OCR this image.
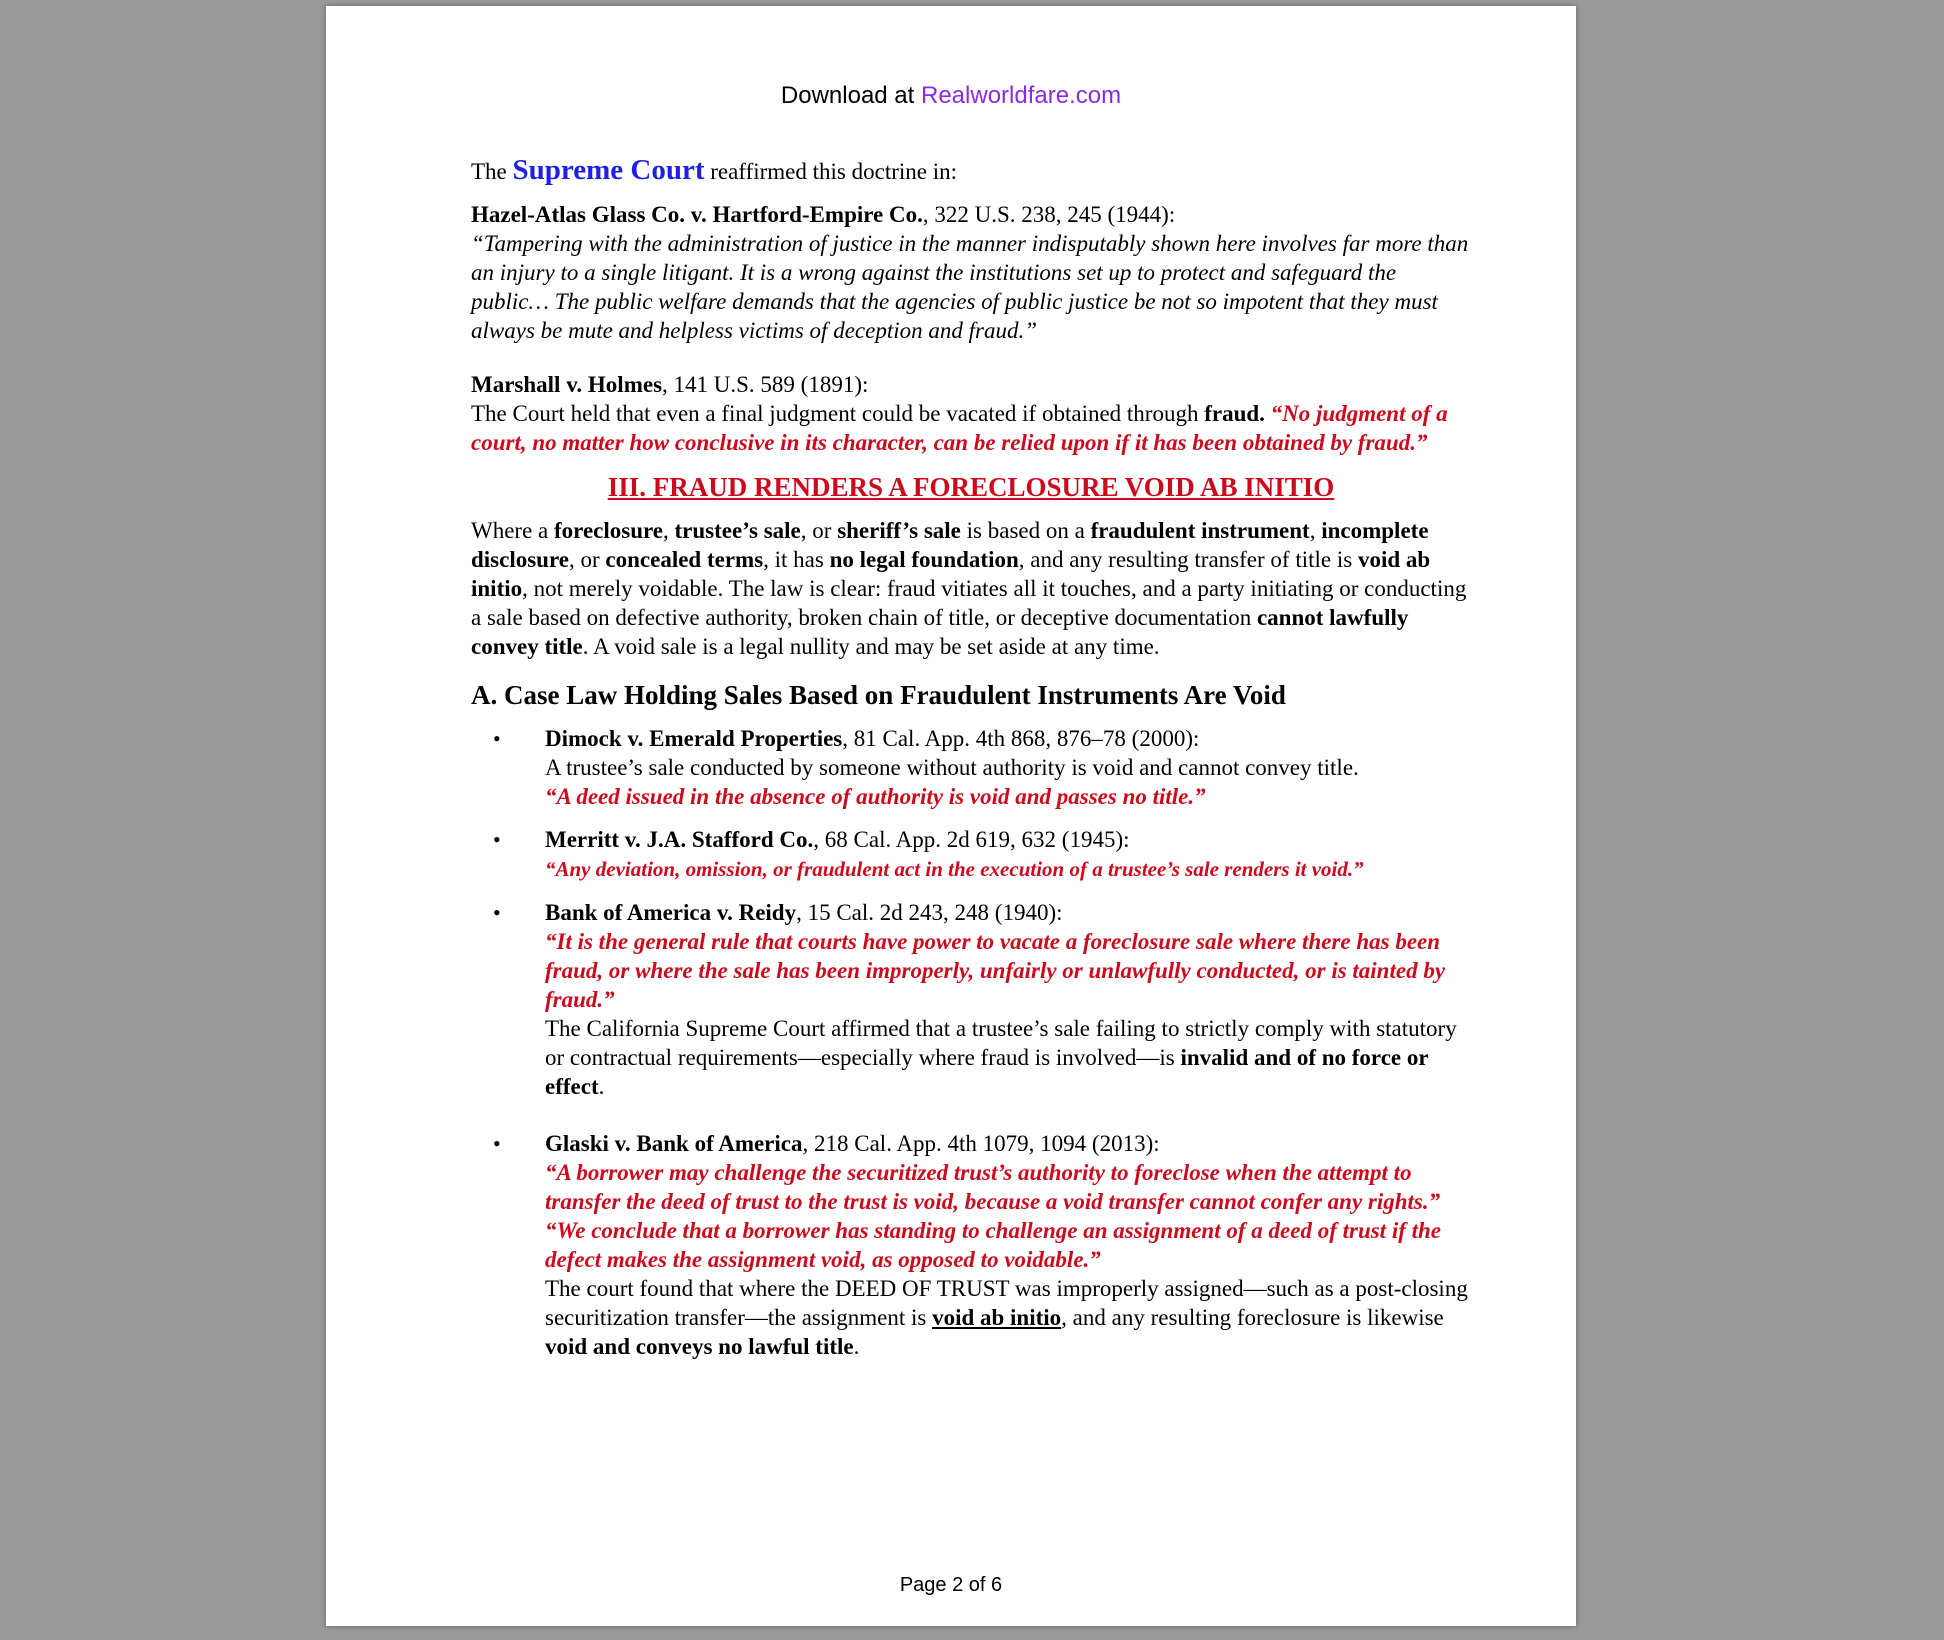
Download at Realworldfare.com

The Supreme Court reaffirmed this doctrine in:

Hazel-Atlas Glass Co. v. Hartford-Empire Co., 322 U.S. 238, 245 (1944):
“Tampering with the administration of justice in the manner indisputably shown here involves far more than an injury to a single litigant. It is a wrong against the institutions set up to protect and safeguard the public… The public welfare demands that the agencies of public justice be not so impotent that they must always be mute and helpless victims of deception and fraud.”

Marshall v. Holmes, 141 U.S. 589 (1891):
The Court held that even a final judgment could be vacated if obtained through fraud. “No judgment of a court, no matter how conclusive in its character, can be relied upon if it has been obtained by fraud.”

III. FRAUD RENDERS A FORECLOSURE VOID AB INITIO

Where a foreclosure, trustee’s sale, or sheriff’s sale is based on a fraudulent instrument, incomplete disclosure, or concealed terms, it has no legal foundation, and any resulting transfer of title is void ab initio, not merely voidable. The law is clear: fraud vitiates all it touches, and a party initiating or conducting a sale based on defective authority, broken chain of title, or deceptive documentation cannot lawfully convey title. A void sale is a legal nullity and may be set aside at any time.

A. Case Law Holding Sales Based on Fraudulent Instruments Are Void

• Dimock v. Emerald Properties, 81 Cal. App. 4th 868, 876–78 (2000):
A trustee’s sale conducted by someone without authority is void and cannot convey title.
“A deed issued in the absence of authority is void and passes no title.”
• Merritt v. J.A. Stafford Co., 68 Cal. App. 2d 619, 632 (1945):
“Any deviation, omission, or fraudulent act in the execution of a trustee’s sale renders it void.”
• Bank of America v. Reidy, 15 Cal. 2d 243, 248 (1940):
“It is the general rule that courts have power to vacate a foreclosure sale where there has been fraud, or where the sale has been improperly, unfairly or unlawfully conducted, or is tainted by fraud.”
The California Supreme Court affirmed that a trustee’s sale failing to strictly comply with statutory or contractual requirements—especially where fraud is involved—is invalid and of no force or effect.
• Glaski v. Bank of America, 218 Cal. App. 4th 1079, 1094 (2013):
“A borrower may challenge the securitized trust’s authority to foreclose when the attempt to transfer the deed of trust to the trust is void, because a void transfer cannot confer any rights.”
“We conclude that a borrower has standing to challenge an assignment of a deed of trust if the defect makes the assignment void, as opposed to voidable.”
The court found that where the DEED OF TRUST was improperly assigned—such as a post-closing securitization transfer—the assignment is void ab initio, and any resulting foreclosure is likewise void and conveys no lawful title.
Page 2 of 6
